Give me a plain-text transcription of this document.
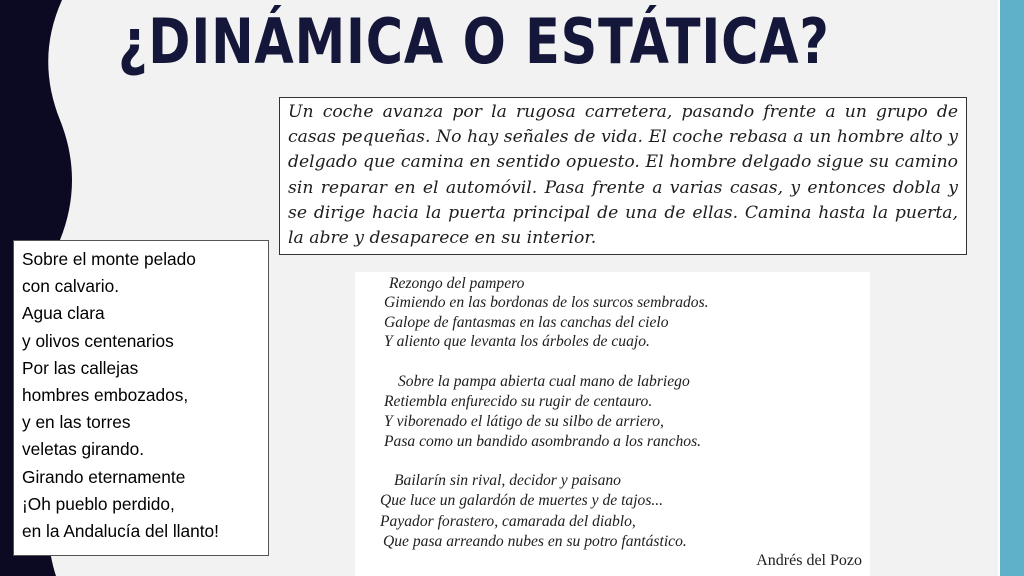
¿DINÁMICA O ESTÁTICA?

Un coche avanza por la rugosa carretera, pasando frente a un grupo de casas pequeñas. No hay señales de vida. El coche rebasa a un hombre alto y delgado que camina en sentido opuesto. El hombre delgado sigue su camino sin reparar en el automóvil. Pasa frente a varias casas, y entonces dobla y se dirige hacia la puerta principal de una de ellas. Camina hasta la puerta, la abre y desaparece en su interior.

Sobre el monte pelado
con calvario.
Agua clara
y olivos centenarios
Por las callejas
hombres embozados,
y en las torres
veletas girando.
Girando eternamente
¡Oh pueblo perdido,
en la Andalucía del llanto!
Rezongo del pampero
Gimiendo en las bordonas de los surcos sembrados.
Galope de fantasmas en las canchas del cielo
Y aliento que levanta los árboles de cuajo.
Sobre la pampa abierta cual mano de labriego
Retiembla enfurecido su rugir de centauro.
Y viborenado el látigo de su silbo de arriero,
Pasa como un bandido asombrando a los ranchos.
Bailarín sin rival, decidor y paisano
Que luce un galardón de muertes y de tajos...
Payador forastero, camarada del diablo,
Que pasa arreando nubes en su potro fantástico.
Andrés del Pozo
